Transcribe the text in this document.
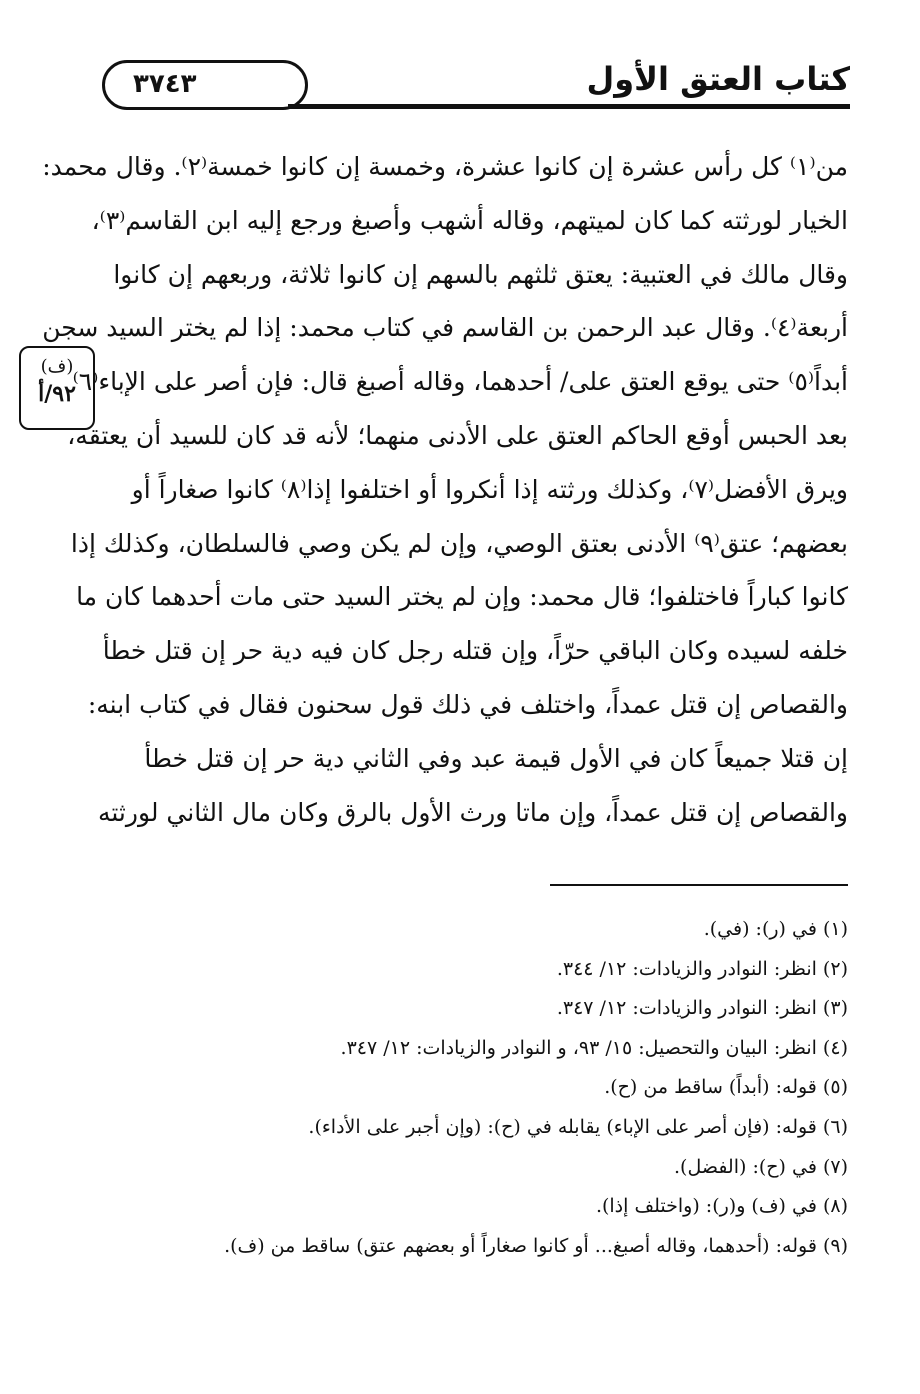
٣٧٤٣	كتاب العتق الأول
(ف)
٩٢/أ
من⁽١⁾ كل رأس عشرة إن كانوا عشرة، وخمسة إن كانوا خمسة⁽٢⁾. وقال محمد:
الخيار لورثته كما كان لميتهم، وقاله أشهب وأصبغ ورجع إليه ابن القاسم⁽٣⁾،
وقال مالك في العتبية: يعتق ثلثهم بالسهم إن كانوا ثلاثة، وربعهم إن كانوا
أربعة⁽٤⁾. وقال عبد الرحمن بن القاسم في كتاب محمد: إذا لم يختر السيد سجن
أبداً⁽٥⁾ حتى يوقع العتق على/ أحدهما، وقاله أصبغ قال: فإن أصر على الإباء⁽٦⁾
بعد الحبس أوقع الحاكم العتق على الأدنى منهما؛ لأنه قد كان للسيد أن يعتقه،
ويرق الأفضل⁽٧⁾، وكذلك ورثته إذا أنكروا أو اختلفوا إذا⁽٨⁾ كانوا صغاراً أو
بعضهم؛ عتق⁽٩⁾ الأدنى بعتق الوصي، وإن لم يكن وصي فالسلطان، وكذلك إذا
كانوا كباراً فاختلفوا؛ قال محمد: وإن لم يختر السيد حتى مات أحدهما كان ما
خلفه لسيده وكان الباقي حرّاً، وإن قتله رجل كان فيه دية حر إن قتل خطأ
والقصاص إن قتل عمداً، واختلف في ذلك قول سحنون فقال في كتاب ابنه:
إن قتلا جميعاً كان في الأول قيمة عبد وفي الثاني دية حر إن قتل خطأ
والقصاص إن قتل عمداً، وإن ماتا ورث الأول بالرق وكان مال الثاني لورثته
(١) في (ر): (في).
(٢) انظر: النوادر والزيادات: ١٢/ ٣٤٤.
(٣) انظر: النوادر والزيادات: ١٢/ ٣٤٧.
(٤) انظر: البيان والتحصيل: ١٥/ ٩٣، و النوادر والزيادات: ١٢/ ٣٤٧.
(٥) قوله: (أبداً) ساقط من (ح).
(٦) قوله: (فإن أصر على الإباء) يقابله في (ح): (وإن أجبر على الأداء).
(٧) في (ح): (الفضل).
(٨) في (ف) و(ر): (واختلف إذا).
(٩) قوله: (أحدهما، وقاله أصبغ... أو كانوا صغاراً أو بعضهم عتق) ساقط من (ف).
